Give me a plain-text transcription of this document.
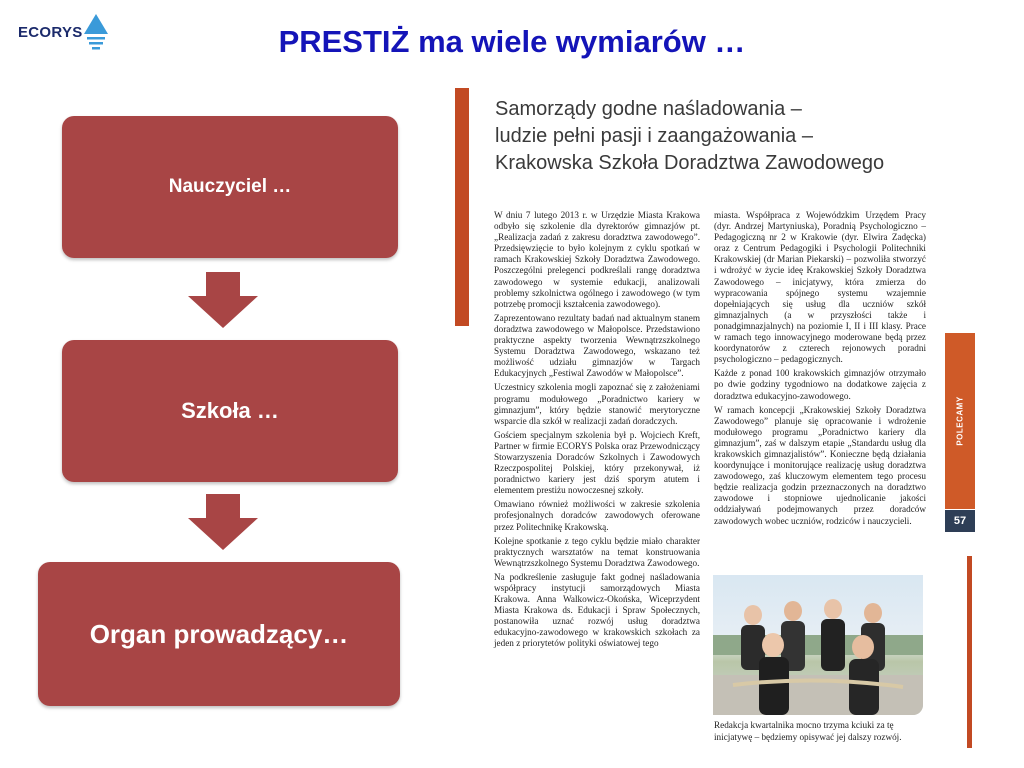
ECORYS	PRESTIŻ ma wiele wymiarów …
Nauczyciel …
Szkoła …
Organ prowadzący…
Samorządy godne naśladowania –
ludzie pełni pasji i zaangażowania –
Krakowska Szkoła Doradztwa Zawodowego

W dniu 7 lutego 2013 r. w Urzędzie Miasta Krakowa odbyło się szkolenie dla dyrektorów gimnazjów pt. „Realizacja zadań z zakresu doradztwa zawodowego”. Przedsięwzięcie to było kolejnym z cyklu spotkań w ramach Krakowskiej Szkoły Doradztwa Zawodowego. Poszczególni prelegenci podkreślali rangę doradztwa zawodowego w systemie edukacji, analizowali problemy szkolnictwa ogólnego i zawodowego (w tym potrzebę promocji kształcenia zawodowego).

Zaprezentowano rezultaty badań nad aktualnym stanem doradztwa zawodowego w Małopolsce. Przedstawiono praktyczne aspekty tworzenia Wewnątrzszkolnego Systemu Doradztwa Zawodowego, wskazano też możliwość udziału gimnazjów w Targach Edukacyjnych „Festiwal Zawodów w Małopolsce”.

Uczestnicy szkolenia mogli zapoznać się z założeniami programu modułowego „Poradnictwo kariery w gimnazjum”, który będzie stanowić merytoryczne wsparcie dla szkół w realizacji zadań doradczych.

Gościem specjalnym szkolenia był p. Wojciech Kreft, Partner w firmie ECORYS Polska oraz Przewodniczący Stowarzyszenia Doradców Szkolnych i Zawodowych Rzeczpospolitej Polskiej, który przekonywał, iż poradnictwo kariery jest dziś sporym atutem i elementem prestiżu nowoczesnej szkoły.

Omawiano również możliwości w zakresie szkolenia profesjonalnych doradców zawodowych oferowane przez Politechnikę Krakowską.

Kolejne spotkanie z tego cyklu będzie miało charakter praktycznych warsztatów na temat konstruowania Wewnątrzszkolnego Systemu Doradztwa Zawodowego.

Na podkreślenie zasługuje fakt godnej naśladowania współpracy instytucji samorządowych Miasta Krakowa. Anna Walkowicz-Okońska, Wiceprzydent Miasta Krakowa ds. Edukacji i Spraw Społecznych, postanowiła uznać rozwój usług doradztwa edukacyjno-zawodowego w krakowskich szkołach za jeden z priorytetów polityki oświatowej tego

miasta. Współpraca z Wojewódzkim Urzędem Pracy (dyr. Andrzej Martyniuska), Poradnią Psychologiczno – Pedagogiczną nr 2 w Krakowie (dyr. Elwira Zadęcka) oraz z Centrum Pedagogiki i Psychologii Politechniki Krakowskiej (dr Marian Piekarski) – pozwoliła stworzyć i wdrożyć w życie ideę Krakowskiej Szkoły Doradztwa Zawodowego – inicjatywy, która zmierza do wypracowania spójnego systemu wzajemnie dopełniających się usług dla uczniów szkół gimnazjalnych (a w przyszłości także i ponadgimnazjalnych) na poziomie I, II i III klasy. Prace w ramach tego innowacyjnego moderowane będą przez koordynatorów z czterech rejonowych poradni psychologiczno – pedagogicznych.

Każde z ponad 100 krakowskich gimnazjów otrzymało po dwie godziny tygodniowo na dodatkowe zajęcia z doradztwa edukacyjno-zawodowego.

W ramach koncepcji „Krakowskiej Szkoły Doradztwa Zawodowego” planuje się opracowanie i wdrożenie modułowego programu „Poradnictwo kariery dla gimnazjum”, zaś w dalszym etapie „Standardu usług dla krakowskich gimnazjalistów”. Konieczne będą działania koordynujące i monitorujące realizację usług doradztwa zawodowego, zaś kluczowym elementem tego procesu będzie realizacja godzin przeznaczonych na doradztwo zawodowe i stopniowe ujednolicanie jakości oddziaływań podejmowanych przez doradców zawodowych wobec uczniów, rodziców i nauczycieli.

POLECAMY
57
Redakcja kwartalnika mocno trzyma kciuki za tę inicjatywę – będziemy opisywać jej dalszy rozwój.
